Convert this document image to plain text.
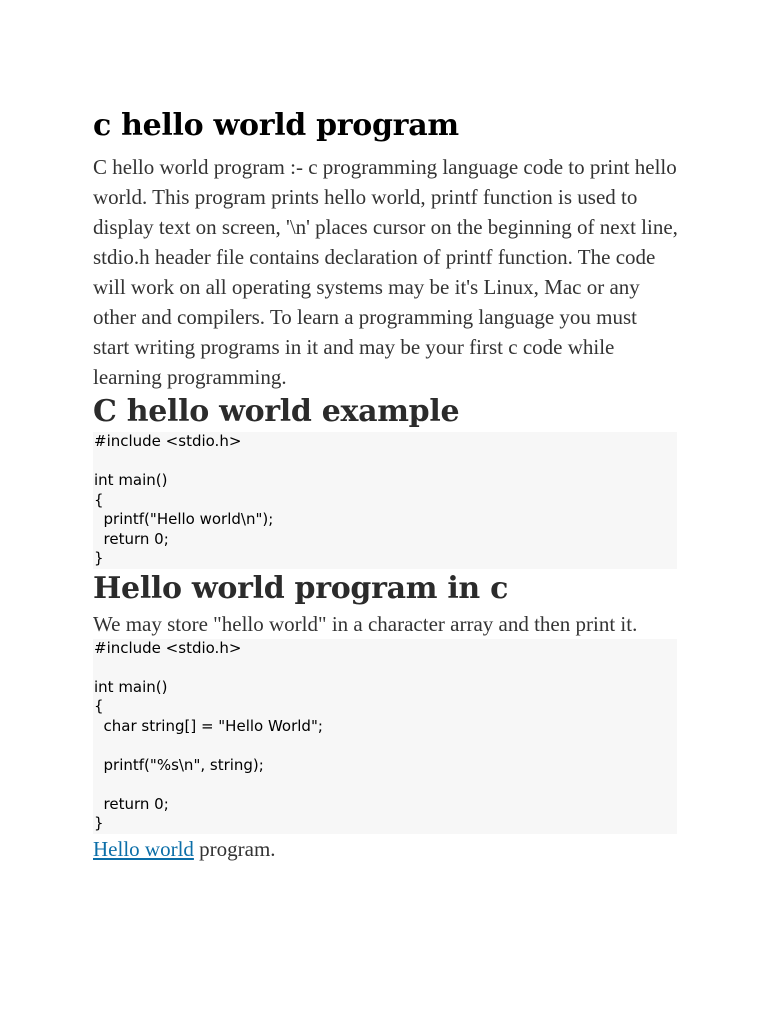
c hello world program

C hello world program :- c programming language code to print hello world. This program prints hello world, printf function is used to display text on screen, '\n' places cursor on the beginning of next line, stdio.h header file contains declaration of printf function. The code will work on all operating systems may be it's Linux, Mac or any other and compilers. To learn a programming language you must start writing programs in it and may be your first c code while learning programming.

C hello world example
#include <stdio.h>

int main()
{
printf("Hello world\n");
return 0;
}
Hello world program in c

We may store "hello world" in a character array and then print it.

#include <stdio.h>

int main()
{
char string[] = "Hello World";

printf("%s\n", string);

return 0;
}

Hello world program.
